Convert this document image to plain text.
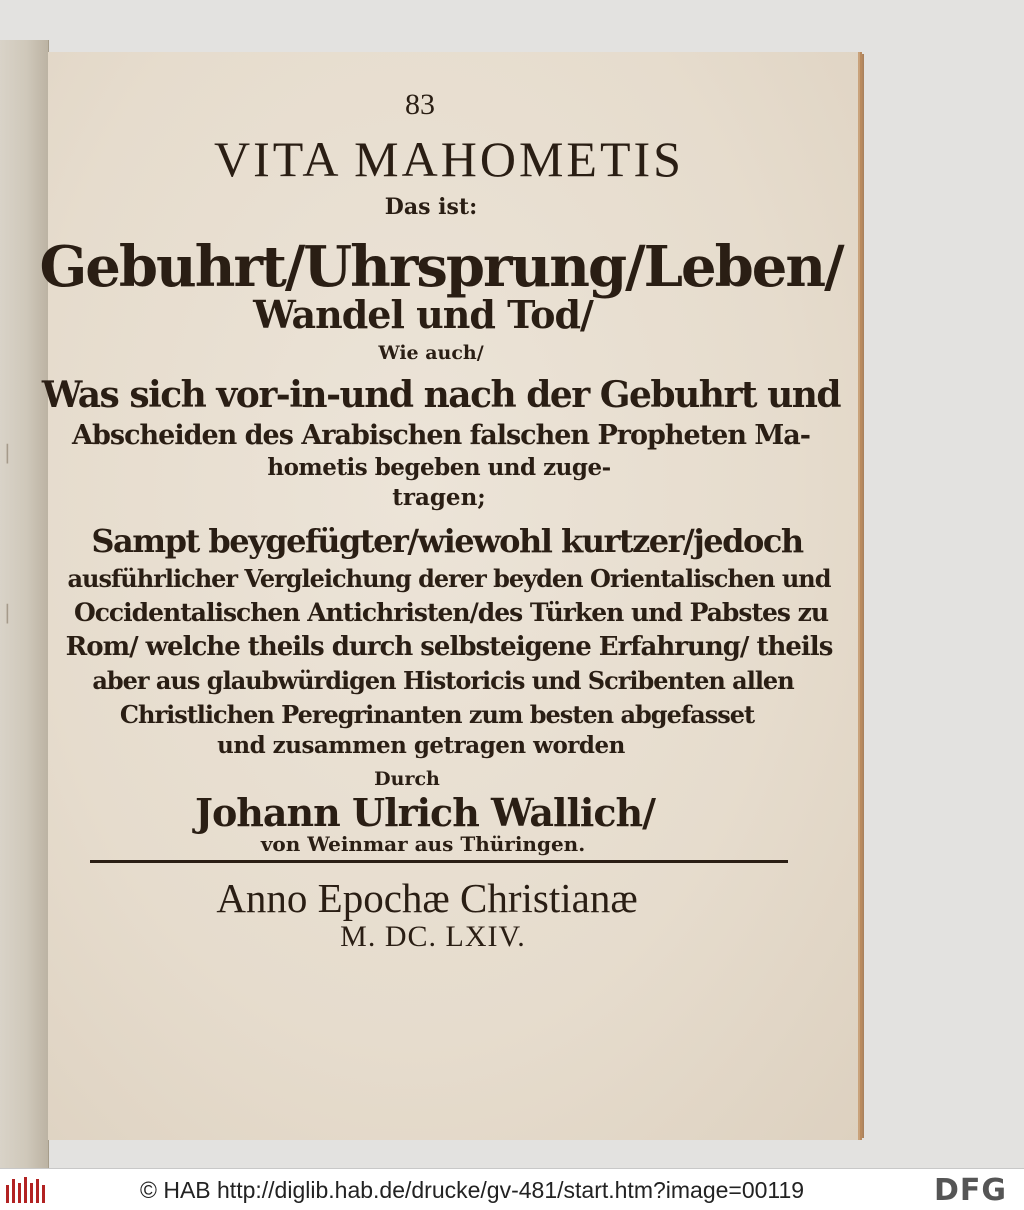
|
|
83
VITA MAHOMETIS
Das ist:
Gebuhrt/Uhrsprung/Leben/
Wandel und Tod/
Wie auch/
Was sich vor-in-und nach der Gebuhrt und
Abscheiden des Arabischen falschen Propheten Ma-
hometis begeben und zuge-
tragen;
Sampt beygefügter/wiewohl kurtzer/jedoch
ausführlicher Vergleichung derer beyden Orientalischen und
Occidentalischen Antichristen/des Türken und Pabstes zu
Rom/ welche theils durch selbsteigene Erfahrung/ theils
aber aus glaubwürdigen Historicis und Scribenten allen
Christlichen Peregrinanten zum besten abgefasset
und zusammen getragen worden
Durch
Johann Ulrich Wallich/
von Weinmar aus Thüringen.
Anno Epochæ Christianæ
M. DC. LXIV.
© HAB http://diglib.hab.de/drucke/gv-481/start.htm?image=00119	DFG
